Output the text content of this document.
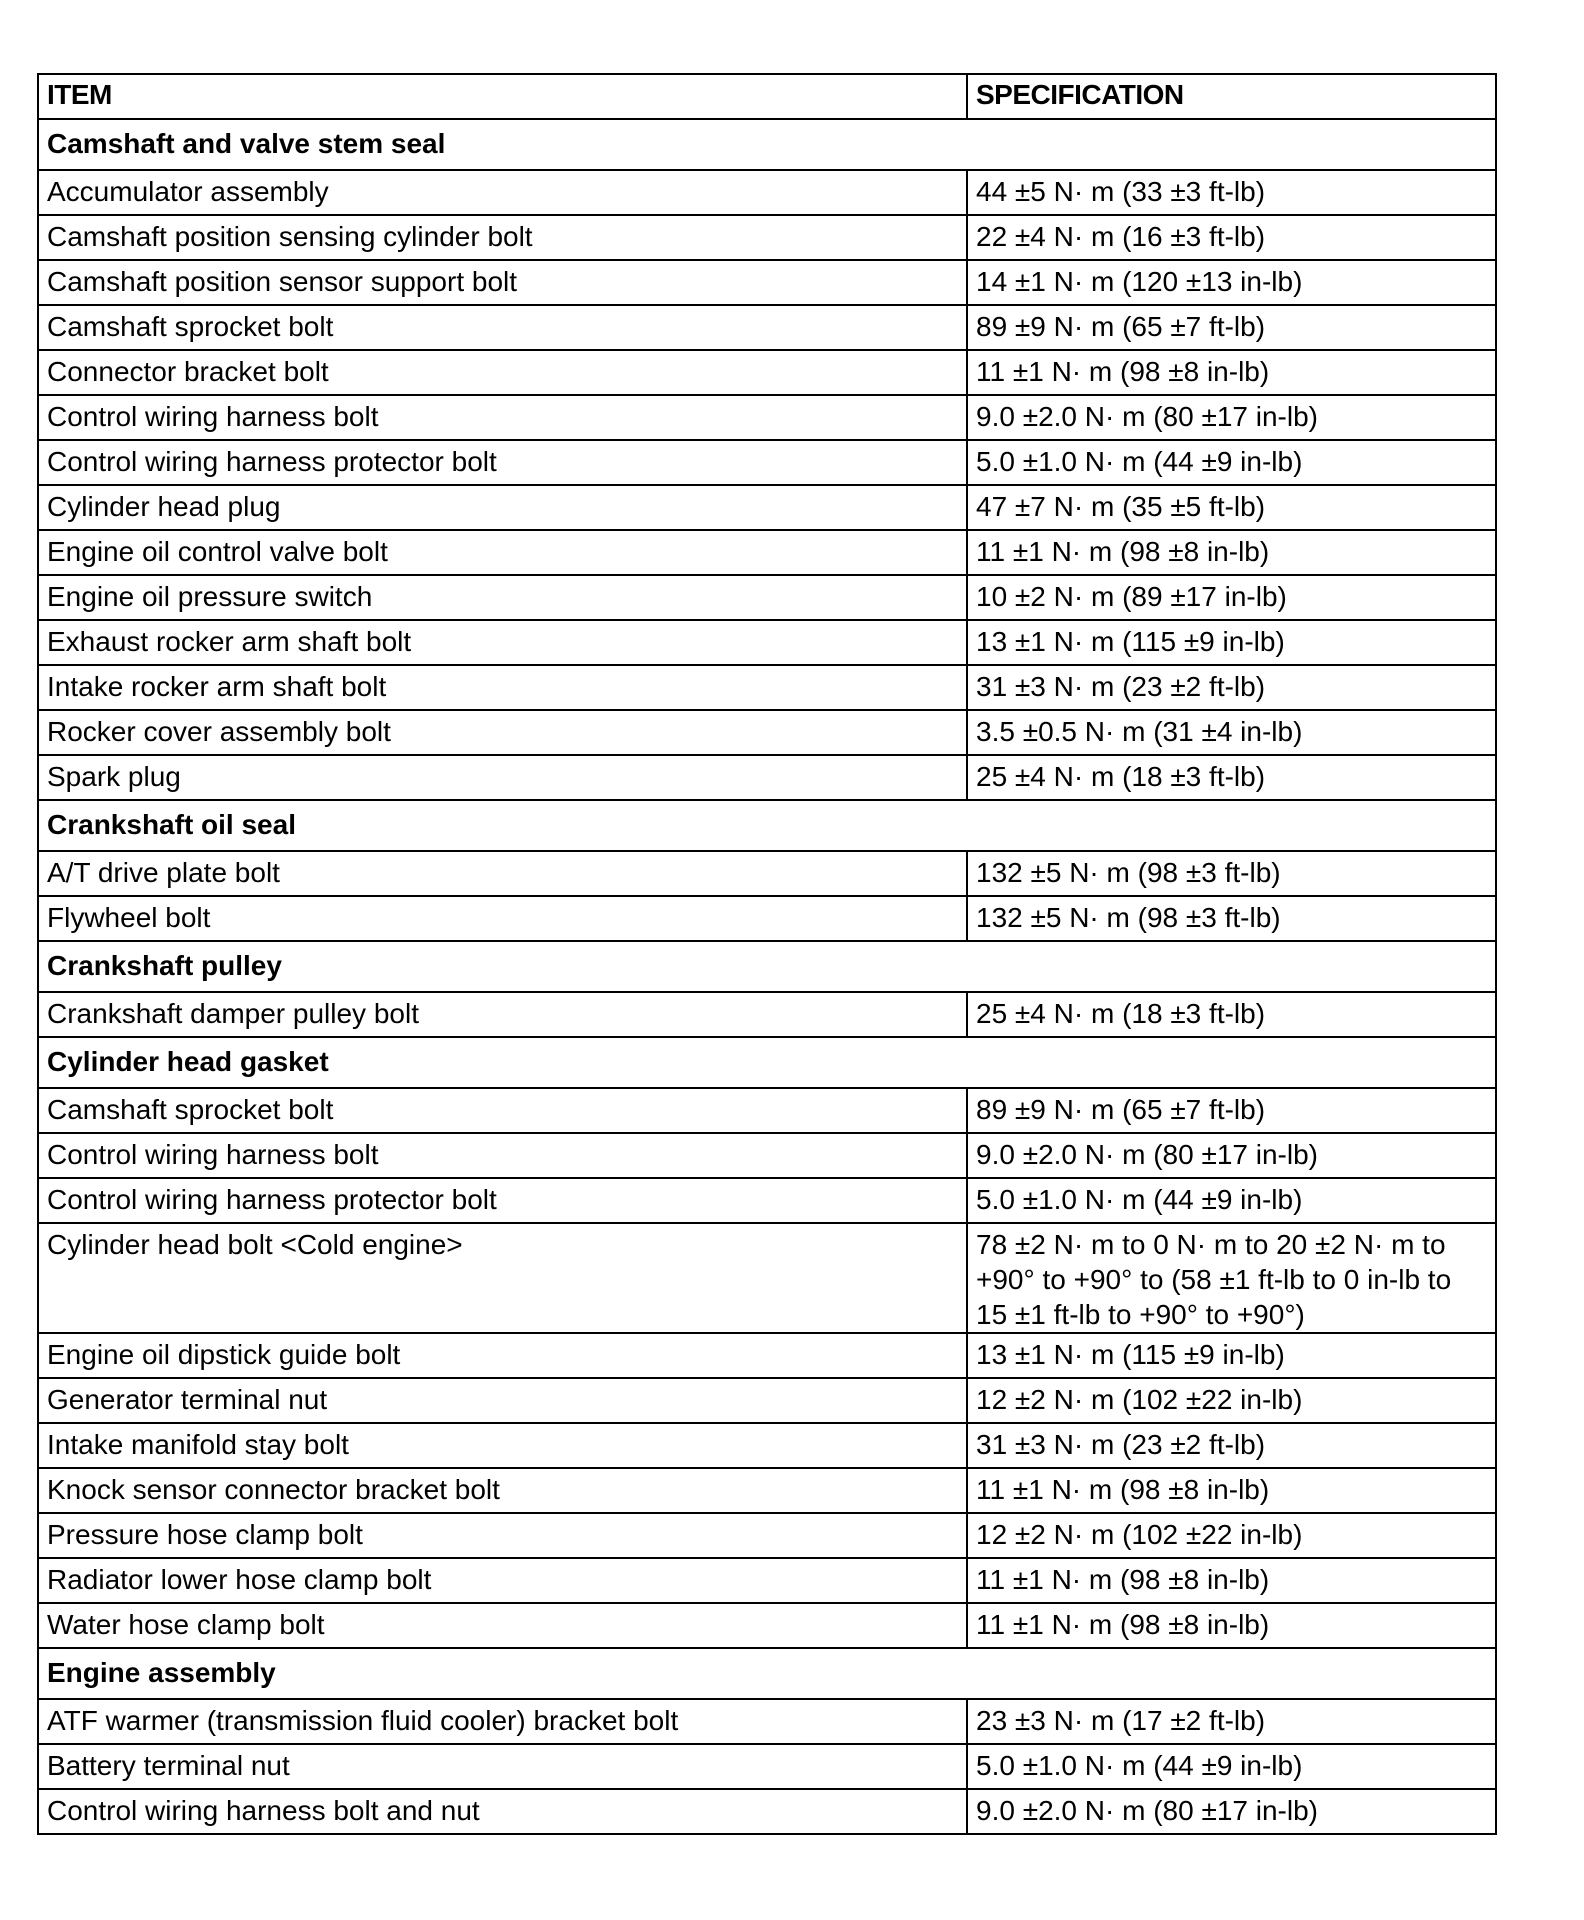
ITEM	SPECIFICATION
Camshaft and valve stem seal	
Accumulator assembly	44 ±5 N· m (33 ±3 ft-lb)
Camshaft position sensing cylinder bolt	22 ±4 N· m (16 ±3 ft-lb)
Camshaft position sensor support bolt	14 ±1 N· m (120 ±13 in-lb)
Camshaft sprocket bolt	89 ±9 N· m (65 ±7 ft-lb)
Connector bracket bolt	11 ±1 N· m (98 ±8 in-lb)
Control wiring harness bolt	9.0 ±2.0 N· m (80 ±17 in-lb)
Control wiring harness protector bolt	5.0 ±1.0 N· m (44 ±9 in-lb)
Cylinder head plug	47 ±7 N· m (35 ±5 ft-lb)
Engine oil control valve bolt	11 ±1 N· m (98 ±8 in-lb)
Engine oil pressure switch	10 ±2 N· m (89 ±17 in-lb)
Exhaust rocker arm shaft bolt	13 ±1 N· m (115 ±9 in-lb)
Intake rocker arm shaft bolt	31 ±3 N· m (23 ±2 ft-lb)
Rocker cover assembly bolt	3.5 ±0.5 N· m (31 ±4 in-lb)
Spark plug	25 ±4 N· m (18 ±3 ft-lb)
Crankshaft oil seal	
A/T drive plate bolt	132 ±5 N· m (98 ±3 ft-lb)
Flywheel bolt	132 ±5 N· m (98 ±3 ft-lb)
Crankshaft pulley	
Crankshaft damper pulley bolt	25 ±4 N· m (18 ±3 ft-lb)
Cylinder head gasket	
Camshaft sprocket bolt	89 ±9 N· m (65 ±7 ft-lb)
Control wiring harness bolt	9.0 ±2.0 N· m (80 ±17 in-lb)
Control wiring harness protector bolt	5.0 ±1.0 N· m (44 ±9 in-lb)
Cylinder head bolt <Cold engine>	78 ±2 N· m to 0 N· m to 20 ±2 N· m to +90° to +90° to (58 ±1 ft-lb to 0 in-lb to 15 ±1 ft-lb to +90° to +90°)
Engine oil dipstick guide bolt	13 ±1 N· m (115 ±9 in-lb)
Generator terminal nut	12 ±2 N· m (102 ±22 in-lb)
Intake manifold stay bolt	31 ±3 N· m (23 ±2 ft-lb)
Knock sensor connector bracket bolt	11 ±1 N· m (98 ±8 in-lb)
Pressure hose clamp bolt	12 ±2 N· m (102 ±22 in-lb)
Radiator lower hose clamp bolt	11 ±1 N· m (98 ±8 in-lb)
Water hose clamp bolt	11 ±1 N· m (98 ±8 in-lb)
Engine assembly	
ATF warmer (transmission fluid cooler) bracket bolt	23 ±3 N· m (17 ±2 ft-lb)
Battery terminal nut	5.0 ±1.0 N· m (44 ±9 in-lb)
Control wiring harness bolt and nut	9.0 ±2.0 N· m (80 ±17 in-lb)
